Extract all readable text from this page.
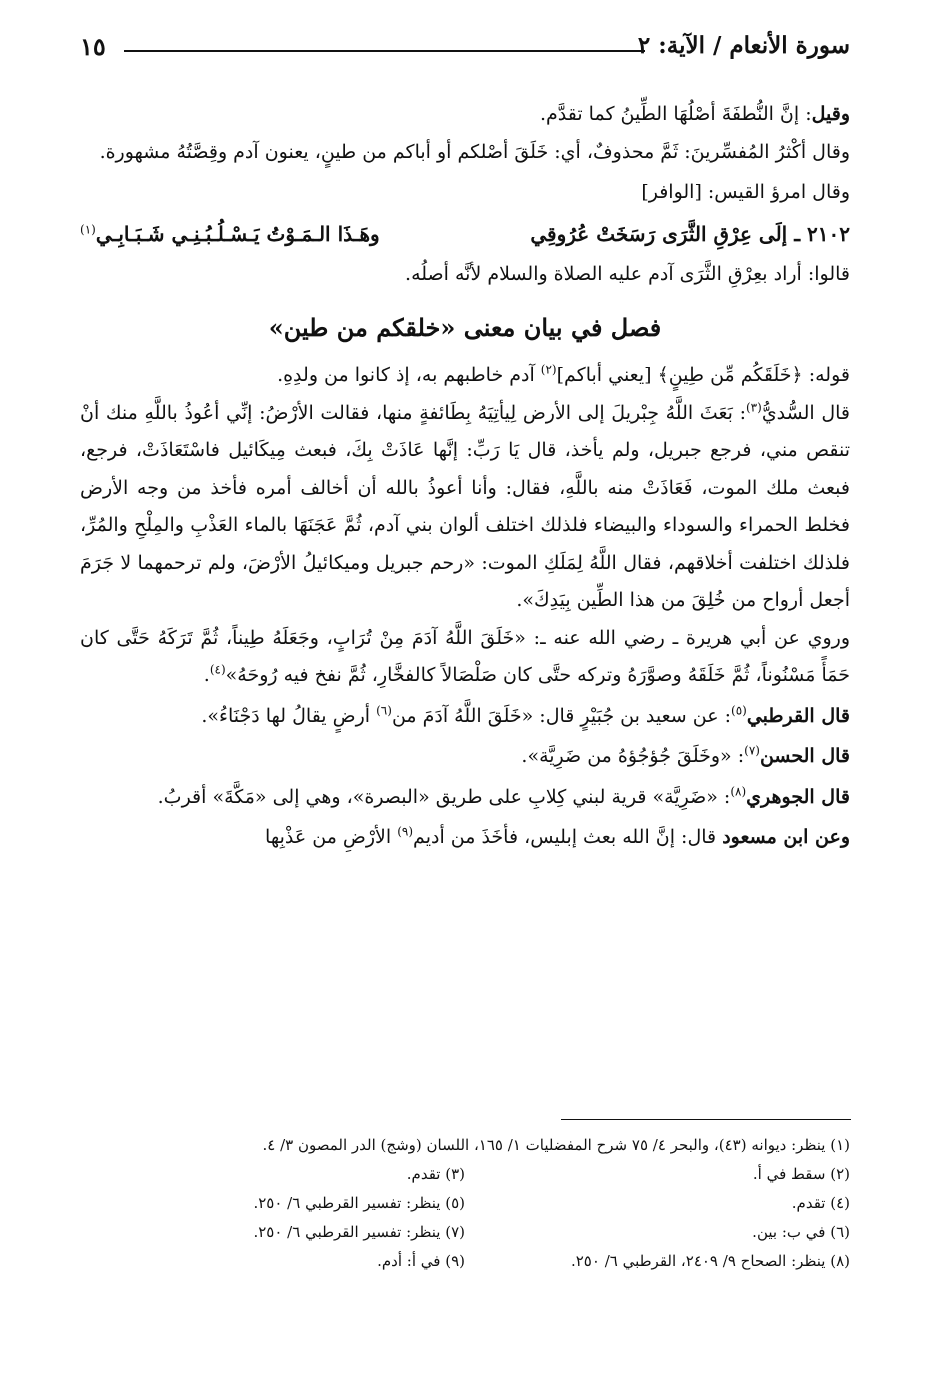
سورة الأنعام / الآية: ٢
١٥

وقيل: إنَّ النُّطفَةَ أصْلُهَا الطِّينُ كما تقدَّم.

وقال أكْثرُ المُفسِّرينَ: ثَمَّ محذوفٌ، أي: خَلَقَ أصْلكم أو أباكم من طينٍ، يعنون آدم وقِصَّتُهُ مشهورة.

وقال امرؤ القيس: [الوافر]

٢١٠٢ ـ إلَى عِرْقِ الثَّرَى رَسَخَتْ عُرُوقِي
وهَـذَا الـمَـوْتُ يَـسْـلُـبُـنِـي شَـبَـابِـي$^{(١)}$

قالوا: أراد بعِرْقِ الثَّرَى آدم عليه الصلاة والسلام لأنَّه أصلُه.

فصل في بيان معنى «خلقكم من طين»

قوله: ﴿خَلَقَكُم مِّن طِينٍ﴾ [يعني أباكم]$^{(٢)}$ آدم خاطبهم به، إذ كانوا من ولدِهِ.

قال السُّديُّ$^{(٣)}$: بَعَثَ اللَّهُ جِبْريلَ إلى الأرض لِيأتِيَهُ بِطَائفةٍ منها، فقالت الأرْضُ: إنِّي أعُوذُ باللَّهِ منك أنْ تنقص مني، فرجع جبريل، ولم يأخذ، قال يَا رَبِّ: إنَّها عَاذَتْ بِكَ، فبعث مِيكَائيل فاسْتَعَاذَتْ، فرجع، فبعث ملك الموت، فَعَاذَتْ منه باللَّهِ، فقال: وأنا أعوذُ بالله أن أخالف أمره فأخذ من وجه الأرض فخلط الحمراء والسوداء والبيضاء فلذلك اختلف ألوان بني آدم، ثُمَّ عَجَنَهَا بالماء العَذْبِ والمِلْحِ والمُرِّ، فلذلك اختلفت أخلاقهم، فقال اللَّهُ لِمَلَكِ الموت: «رحم جبريل وميكائيلُ الأرْضَ، ولم ترحمهما لا جَرَمَ أجعل أرواح من خُلِقَ من هذا الطِّين بِيَدِكَ».

وروي عن أبي هريرة ـ رضي الله عنه ـ: «خَلَقَ اللَّهُ آدَمَ مِنْ تُرَابٍ، وجَعَلَهُ طِيناً، ثُمَّ تَرَكَهُ حَتَّى كان حَمَأً مَسْنُوناً، ثُمَّ خَلَقَهُ وصوَّرَهُ وتركه حتَّى كان صَلْصَالاً كالفخَّارِ، ثُمَّ نفخ فيه رُوحَهُ»$^{(٤)}$.

قال القرطبي$^{(٥)}$: عن سعيد بن جُبَيْرٍ قال: «خَلَقَ اللَّهُ آدَمَ من$^{(٦)}$ أرضٍ يقالُ لها دَجْنَاءُ».

قال الحسن$^{(٧)}$: «وخَلَقَ جُؤجُؤهُ من ضَرِيَّة».

قال الجوهري$^{(٨)}$: «ضَرِيَّة» قرية لبني كِلابِ على طريق «البصرة»، وهي إلى «مَكَّةَ» أقربُ.

وعن ابن مسعود قال: إنَّ الله بعث إبليس، فأخَذَ من أديم$^{(٩)}$ الأرْضِ من عَذْبِها

(١) ينظر: ديوانه (٤٣)، والبحر ٤/ ٧٥ شرح المفضليات ١/ ١٦٥، اللسان (وشج) الدر المصون ٣/ ٤.
(٢) سقط في أ.
(٣) تقدم.
(٤) تقدم.
(٥) ينظر: تفسير القرطبي ٦/ ٢٥٠.
(٦) في ب: بين.
(٧) ينظر: تفسير القرطبي ٦/ ٢٥٠.
(٨) ينظر: الصحاح ٩/ ٢٤٠٩، القرطبي ٦/ ٢٥٠.
(٩) في أ: أدم.
